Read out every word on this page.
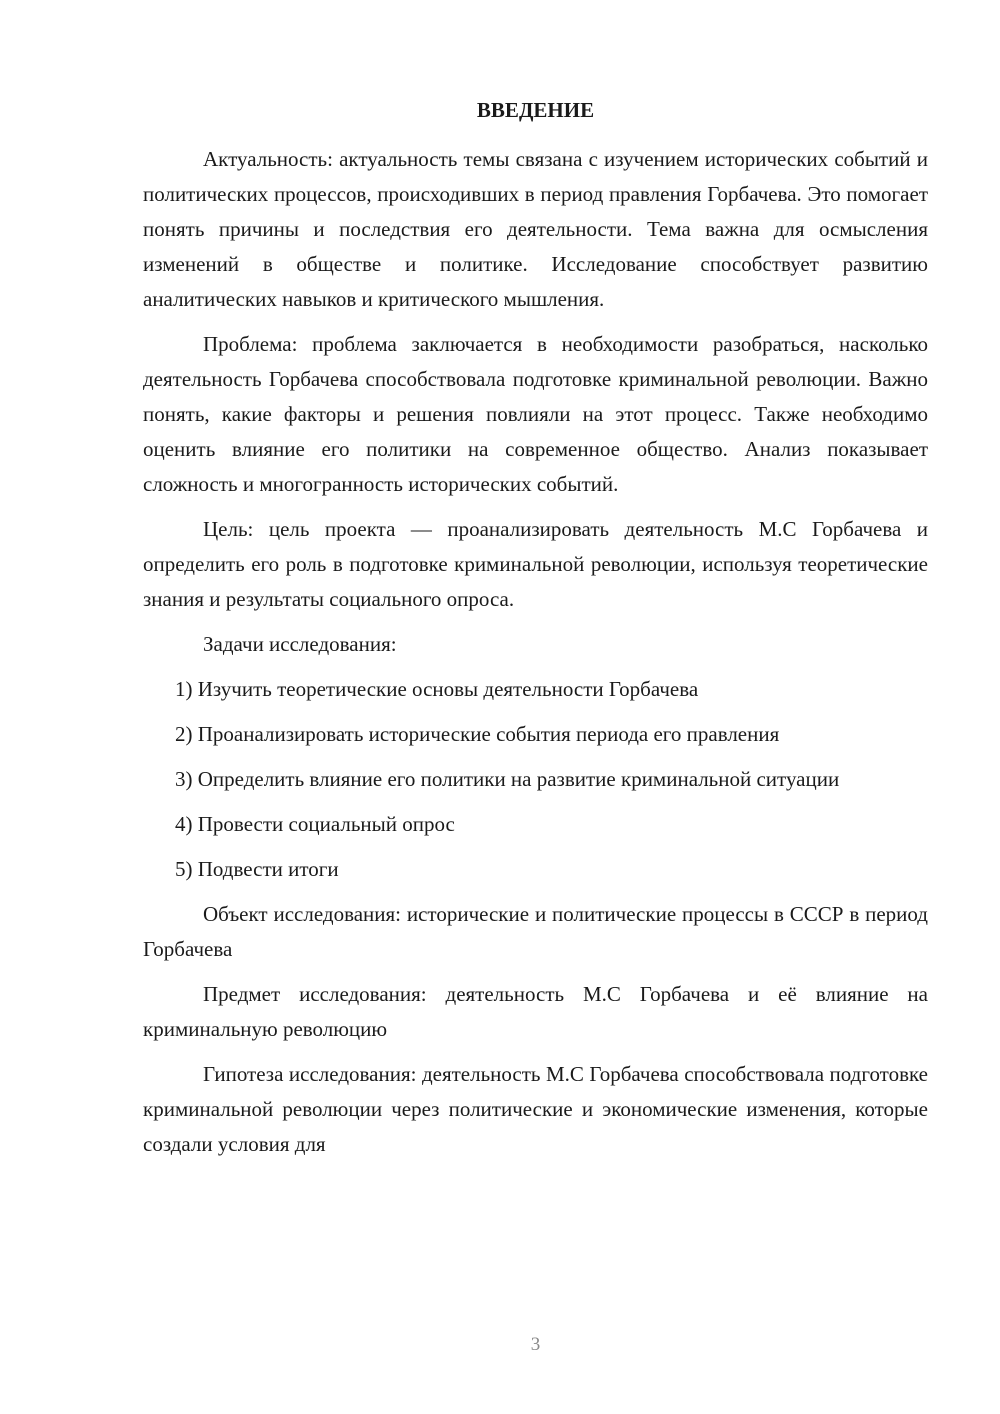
ВВЕДЕНИЕ

Актуальность: актуальность темы связана с изучением исторических событий и политических процессов, происходивших в период правления Горбачева. Это помогает понять причины и последствия его деятельности. Тема важна для осмысления изменений в обществе и политике. Исследование способствует развитию аналитических навыков и критического мышления.

Проблема: проблема заключается в необходимости разобраться, насколько деятельность Горбачева способствовала подготовке криминальной революции. Важно понять, какие факторы и решения повлияли на этот процесс. Также необходимо оценить влияние его политики на современное общество. Анализ показывает сложность и многогранность исторических событий.

Цель: цель проекта — проанализировать деятельность М.С Горбачева и определить его роль в подготовке криминальной революции, используя теоретические знания и результаты социального опроса.

Задачи исследования:

1) Изучить теоретические основы деятельности Горбачева

2) Проанализировать исторические события периода его правления

3) Определить влияние его политики на развитие криминальной ситуации

4) Провести социальный опрос

5) Подвести итоги

Объект исследования: исторические и политические процессы в СССР в период Горбачева

Предмет исследования: деятельность М.С Горбачева и её влияние на криминальную революцию

Гипотеза исследования: деятельность М.С Горбачева способствовала подготовке криминальной революции через политические и экономические изменения, которые создали условия для

3
